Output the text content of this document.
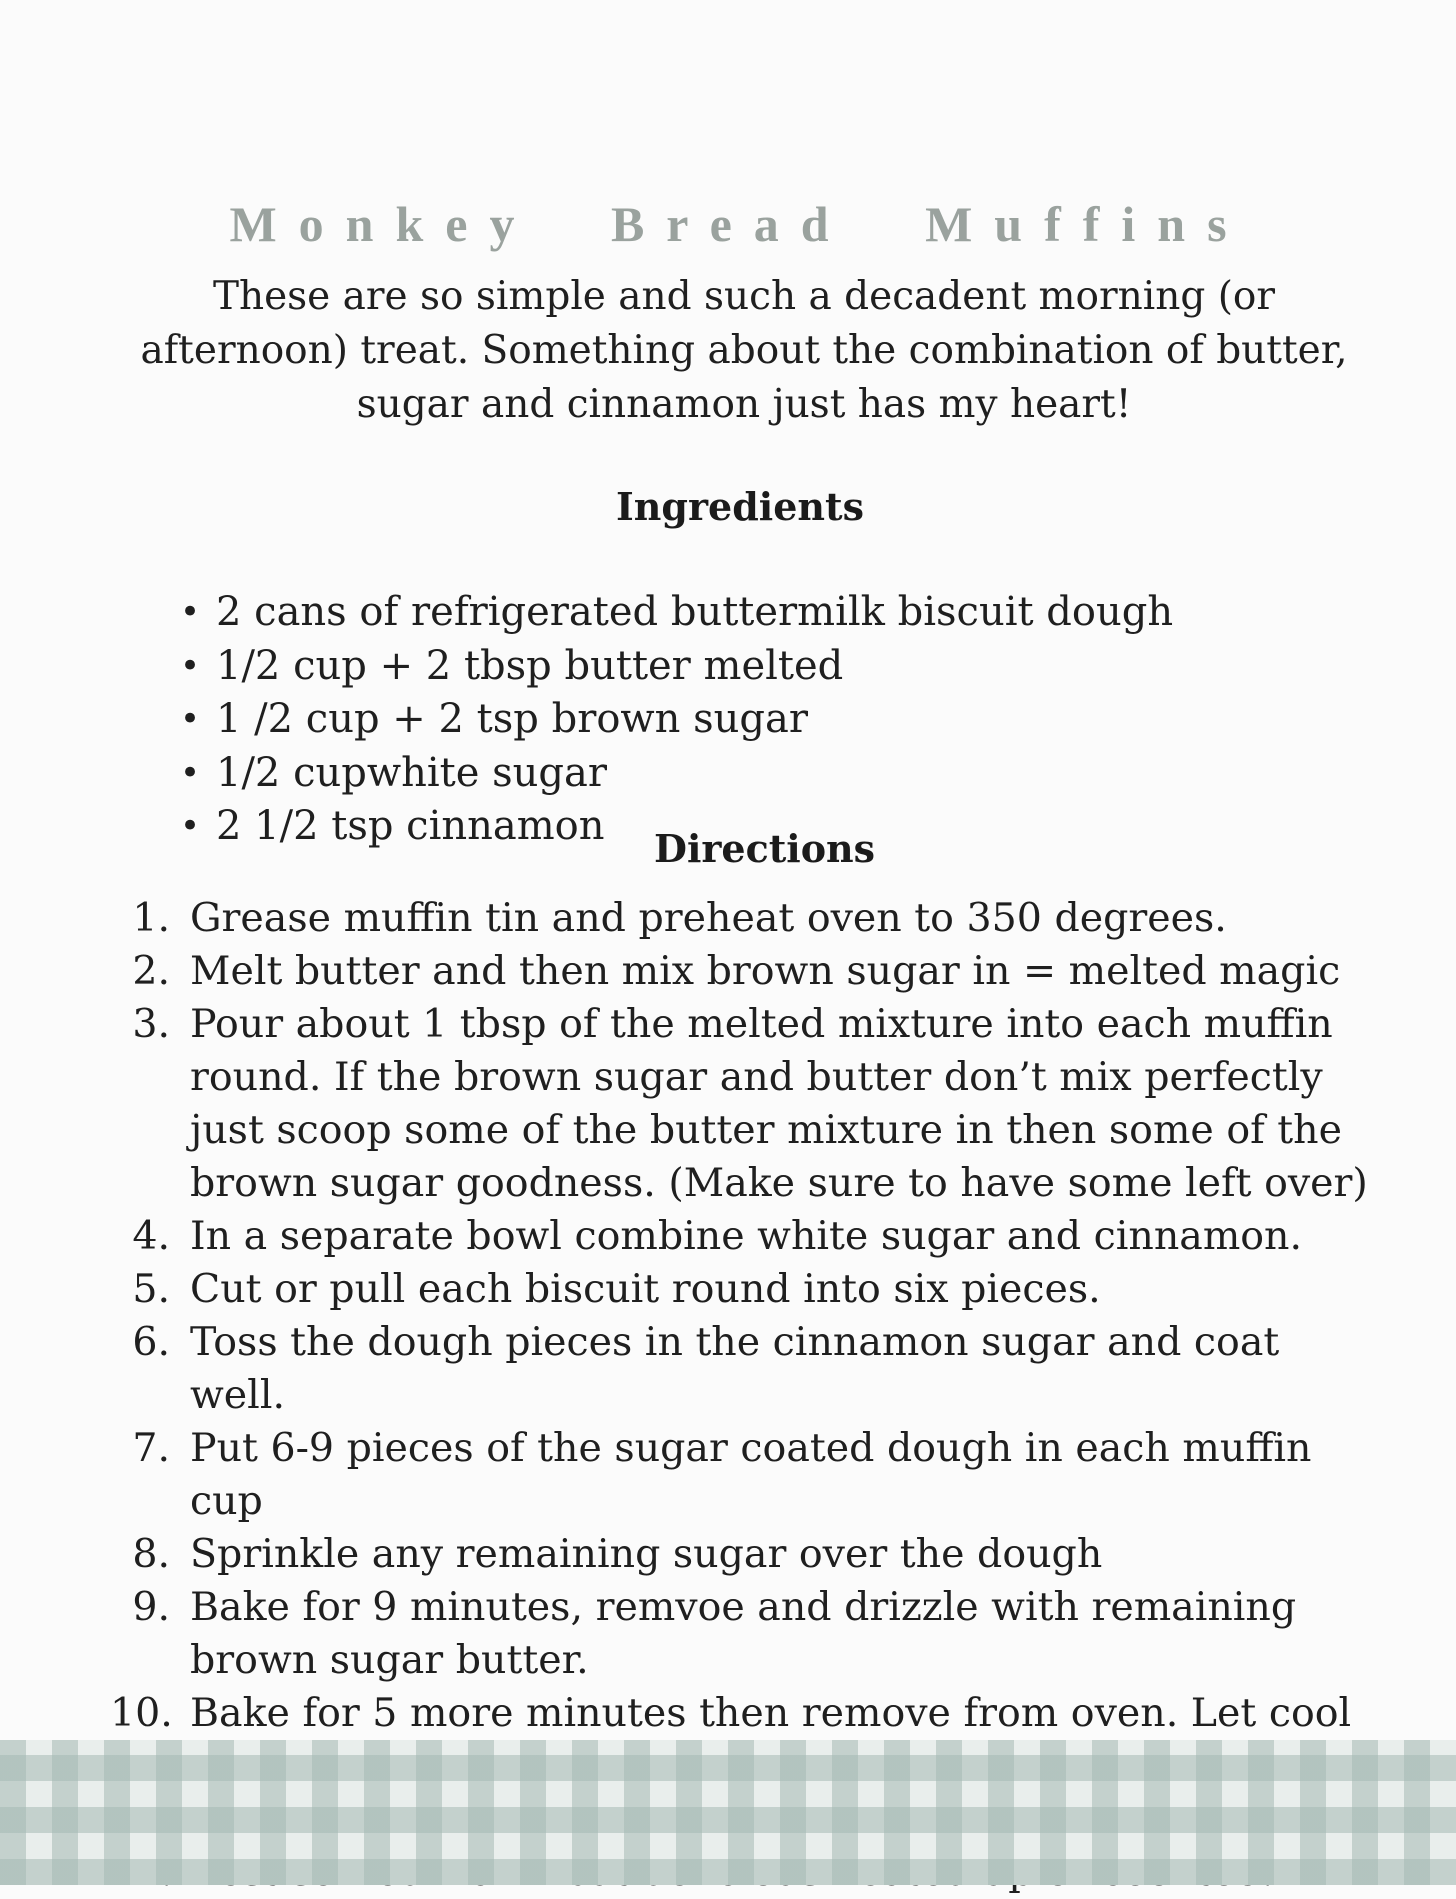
Monkey Bread Muffins

These are so simple and such a decadent morning (or afternoon) treat. Something about the combination of butter, sugar and cinnamon just has my heart!

Ingredients
• 2 cans of refrigerated buttermilk biscuit dough
• 1/2 cup + 2 tbsp butter melted
• 1 /2 cup + 2 tsp brown sugar
• 1/2 cupwhite sugar
• 2 1/2 tsp cinnamon	Directions
1. Grease muffin tin and preheat oven to 350 degrees.
2. Melt butter and then mix brown sugar in = melted magic
3. Pour about 1 tbsp of the melted mixture into each muffin round. If the brown sugar and butter don’t mix perfectly just scoop some of the butter mixture in then some of the brown sugar goodness. (Make sure to have some left over)
4. In a separate bowl combine white sugar and cinnamon.
5. Cut or pull each biscuit round into six pieces.
6. Toss the dough pieces in the cinnamon sugar and coat well.
7. Put 6-9 pieces of the sugar coated dough in each muffin cup
8. Sprinkle any remaining sugar over the dough
9. Bake for 9 minutes, remvoe and drizzle with remaining brown sugar butter.
10. Bake for 5 more minutes then remove from oven. Let cool
